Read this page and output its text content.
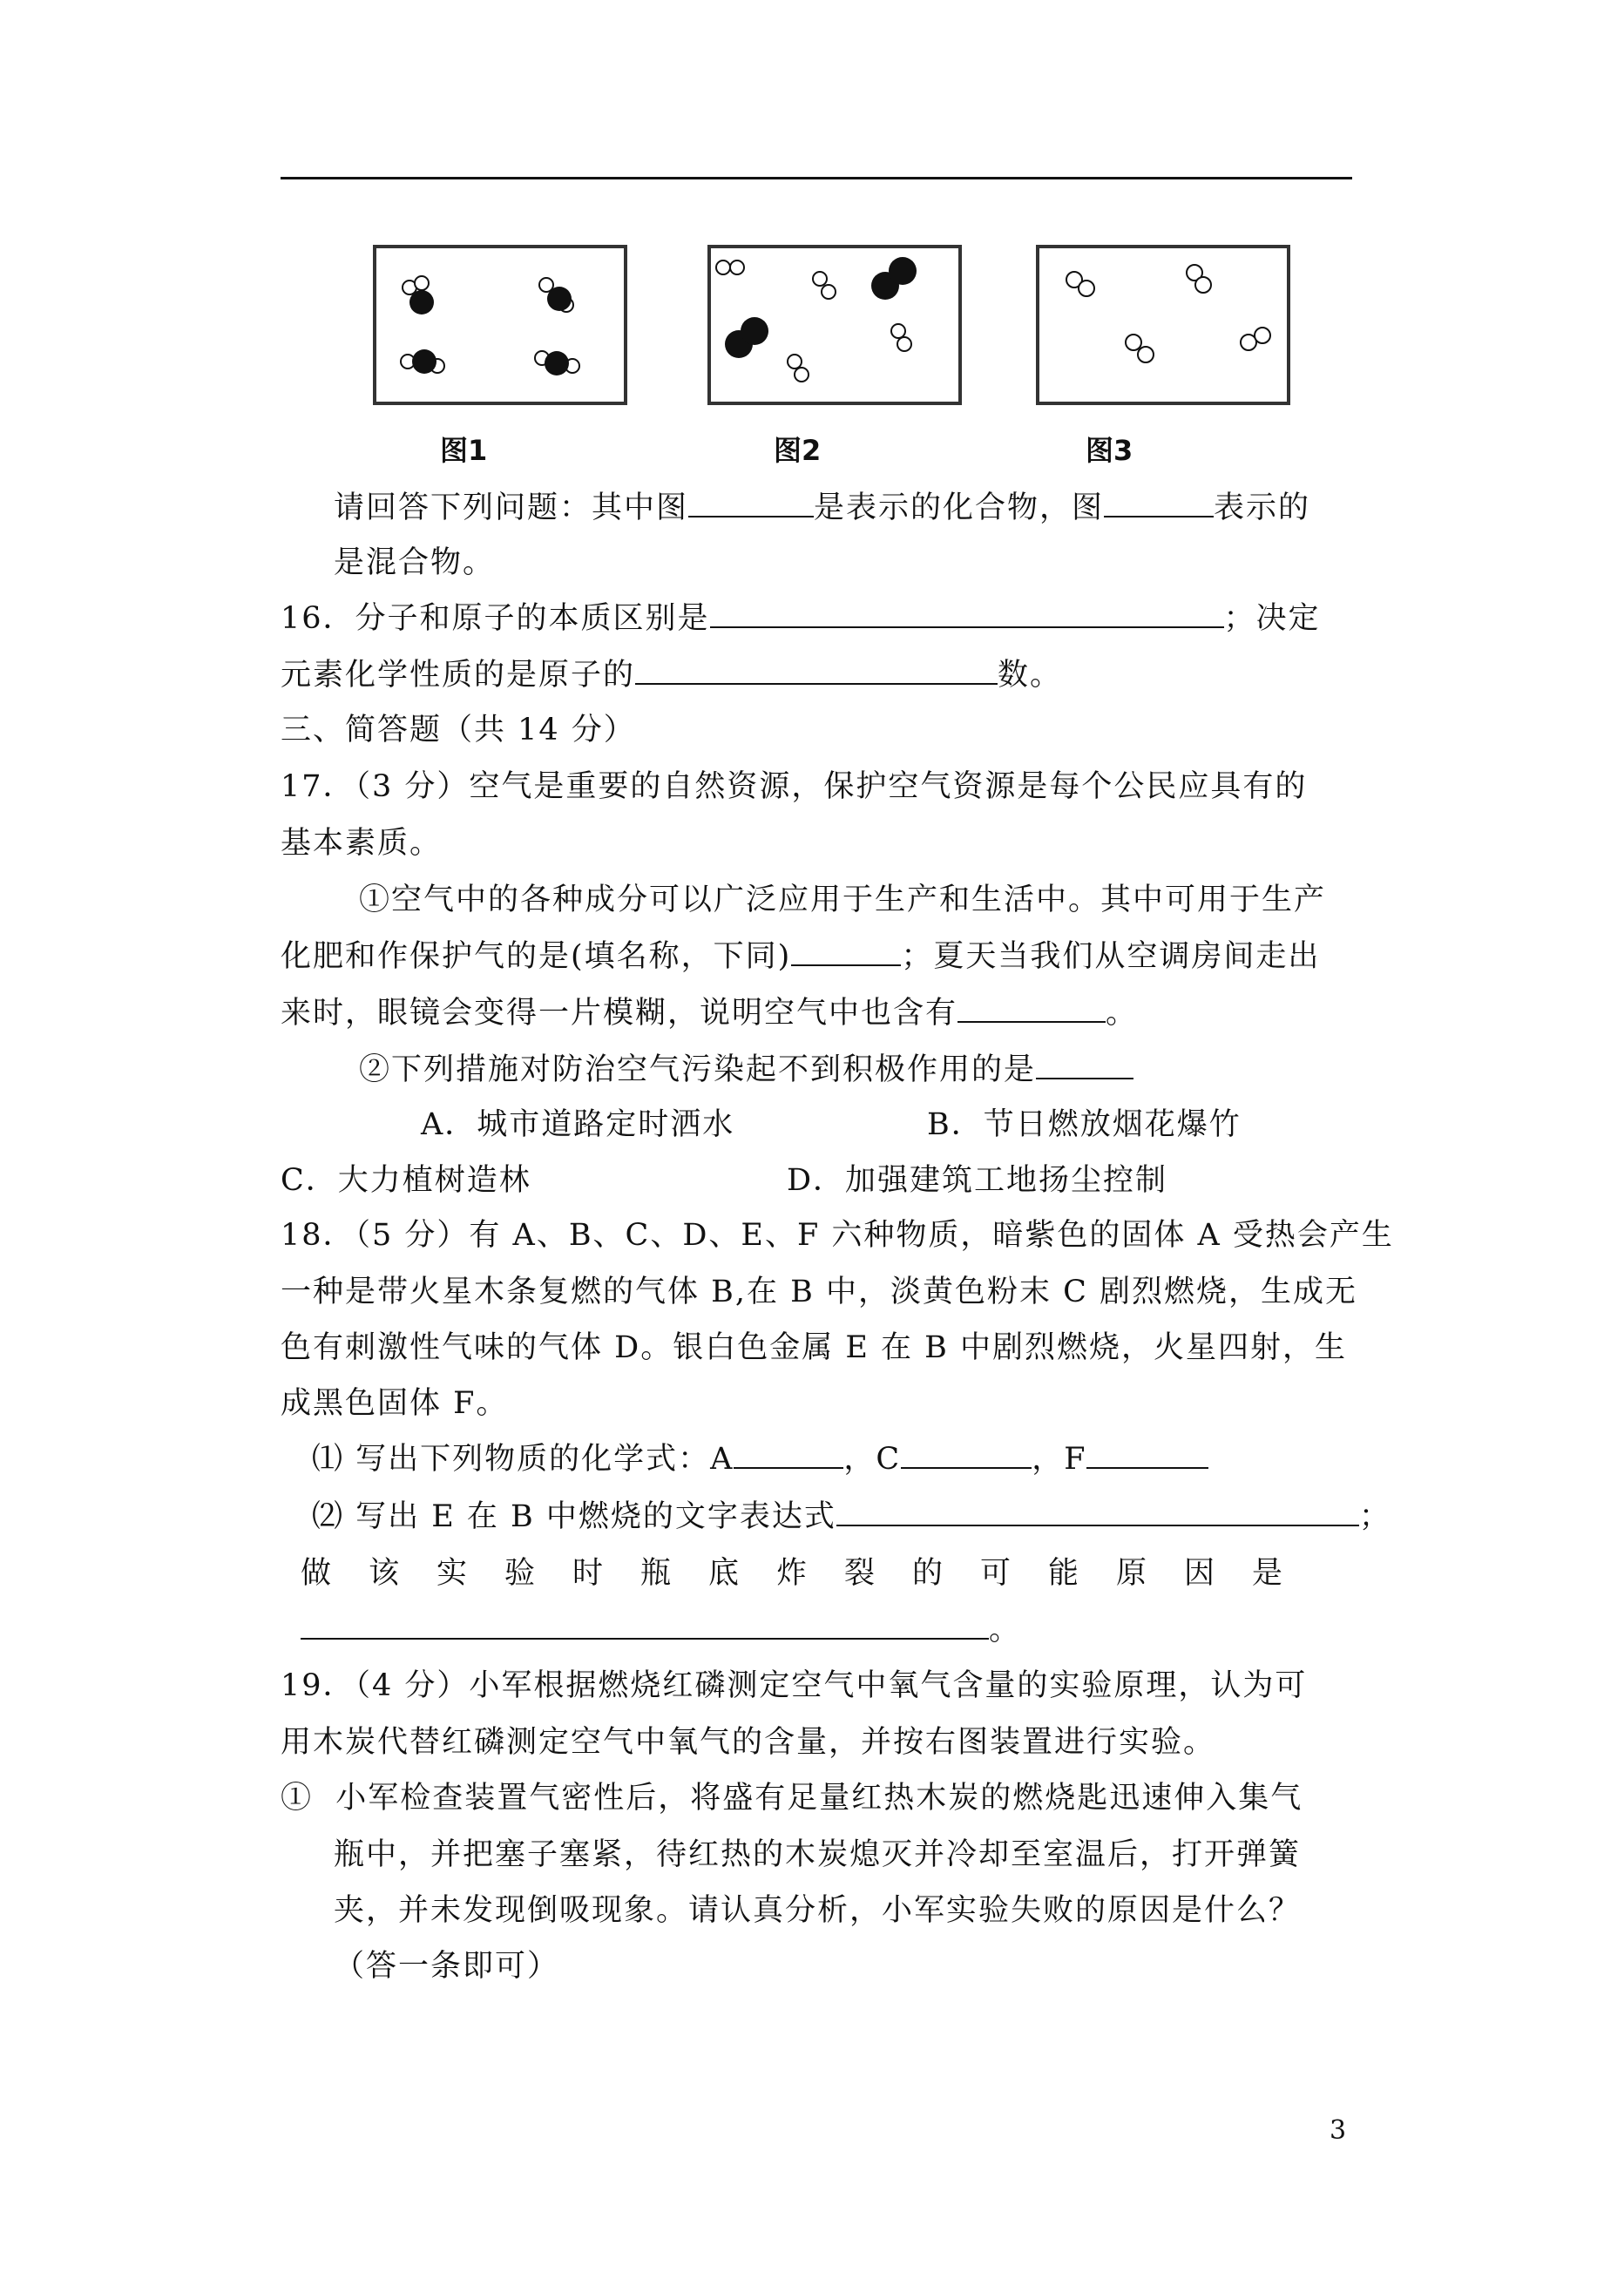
图1	图2	图3
请回答下列问题：其中图	是表示的化合物，图	表示的
是混合物。
16．分子和原子的本质区别是	；决定
元素化学性质的是原子的	数。
三、简答题（共 14 分）
17．（3 分）空气是重要的自然资源，保护空气资源是每个公民应具有的
基本素质。
①空气中的各种成分可以广泛应用于生产和生活中。其中可用于生产
化肥和作保护气的是(填名称，下同)	；夏天当我们从空调房间走出
来时，眼镜会变得一片模糊，说明空气中也含有	。
②下列措施对防治空气污染起不到积极作用的是
A．城市道路定时洒水	B．节日燃放烟花爆竹
C．大力植树造林	D．加强建筑工地扬尘控制
18．（5 分）有 A、B、C、D、E、F 六种物质，暗紫色的固体 A 受热会产生
一种是带火星木条复燃的气体 B,在 B 中，淡黄色粉末 C 剧烈燃烧，生成无
色有刺激性气味的气体 D。银白色金属 E 在 B 中剧烈燃烧，火星四射，生
成黑色固体 F。
⑴ 写出下列物质的化学式：A	，C	，F
⑵ 写出 E 在 B 中燃烧的文字表达式	；
做该实验时瓶底炸裂的可能原因是
。
19．（4 分）小军根据燃烧红磷测定空气中氧气含量的实验原理，认为可
用木炭代替红磷测定空气中氧气的含量，并按右图装置进行实验。
①  小军检查装置气密性后，将盛有足量红热木炭的燃烧匙迅速伸入集气
瓶中，并把塞子塞紧，待红热的木炭熄灭并冷却至室温后，打开弹簧
夹，并未发现倒吸现象。请认真分析，小军实验失败的原因是什么？
（答一条即可）
3
